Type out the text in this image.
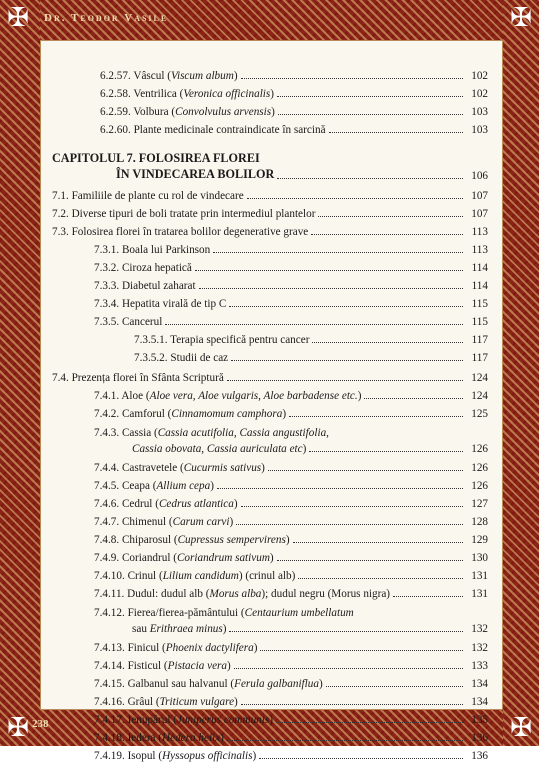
✠	✠
✠	✠
Dr. Teodor Vasile
238
6.2.57. Vâscul (Viscum album)	102
6.2.58. Ventrilica (Veronica officinalis)	102
6.2.59. Volbura (Convolvulus arvensis)	103
6.2.60. Plante medicinale contraindicate în sarcină	103
CAPITOLUL 7. FOLOSIREA FLOREI
ÎN VINDECAREA BOLILOR	106
7.1. Familiile de plante cu rol de vindecare	107
7.2. Diverse tipuri de boli tratate prin intermediul plantelor	107
7.3. Folosirea florei în tratarea bolilor degenerative grave	113
7.3.1. Boala lui Parkinson	113
7.3.2. Ciroza hepatică	114
7.3.3. Diabetul zaharat	114
7.3.4. Hepatita virală de tip C	115
7.3.5. Cancerul	115
7.3.5.1. Terapia specifică pentru cancer	117
7.3.5.2. Studii de caz	117
7.4. Prezența florei în Sfânta Scriptură	124
7.4.1. Aloe (Aloe vera, Aloe vulgaris, Aloe barbadense etc.)	124
7.4.2. Camforul (Cinnamomum camphora)	125
7.4.3. Cassia (Cassia acutifolia, Cassia angustifolia,
Cassia obovata, Cassia auriculata etc)	126
7.4.4. Castravetele (Cucurmis sativus)	126
7.4.5. Ceapa (Allium cepa)	126
7.4.6. Cedrul (Cedrus atlantica)	127
7.4.7. Chimenul (Carum carvi)	128
7.4.8. Chiparosul (Cupressus sempervirens)	129
7.4.9. Coriandrul (Coriandrum sativum)	130
7.4.10. Crinul (Lilium candidum) (crinul alb)	131
7.4.11. Dudul: dudul alb (Morus alba); dudul negru (Morus nigra)	131
7.4.12. Fierea/fierea-pământului (Centaurium umbellatum
sau Erithraea minus)	132
7.4.13. Finicul (Phoenix dactylifera)	132
7.4.14. Fisticul (Pistacia vera)	133
7.4.15. Galbanul sau halvanul (Ferula galbaniflua)	134
7.4.16. Grâul (Triticum vulgare)	134
7.4.17. Ienupărul (Juniperus communis)	135
7.4.18. Iedera (Hedera helix)	136
7.4.19. Isopul (Hyssopus officinalis)	136
